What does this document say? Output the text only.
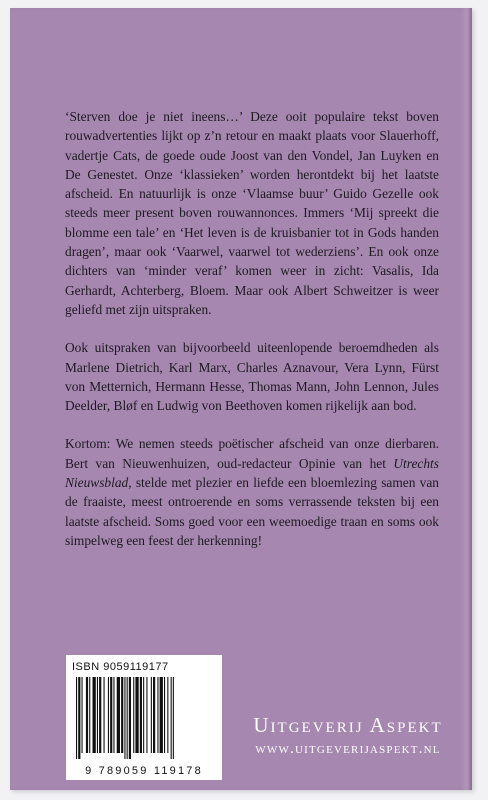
‘Sterven doe je niet ineens…’ Deze ooit populaire tekst boven rouwadvertenties lijkt op z’n retour en maakt plaats voor Slauerhoff, vadertje Cats, de goede oude Joost van den Vondel, Jan Luyken en De Genestet. Onze ‘klassieken’ worden herontdekt bij het laatste afscheid. En natuurlijk is onze ‘Vlaamse buur’ Guido Gezelle ook steeds meer present boven rouwannonces. Immers ‘Mij spreekt die blomme een tale’ en ‘Het leven is de kruisbanier tot in Gods handen dragen’, maar ook ‘Vaarwel, vaarwel tot wederziens’. En ook onze dichters van ‘minder veraf’ komen weer in zicht: Vasalis, Ida Gerhardt, Achterberg, Bloem. Maar ook Albert Schweitzer is weer geliefd met zijn uitspraken.

Ook uitspraken van bijvoorbeeld uiteenlopende beroemdheden als Marlene Dietrich, Karl Marx, Charles Aznavour, Vera Lynn, Fürst von Metternich, Hermann Hesse, Thomas Mann, John Lennon, Jules Deelder, Bløf en Ludwig von Beethoven komen rijkelijk aan bod.

Kortom: We nemen steeds poëtischer afscheid van onze dierbaren. Bert van Nieuwenhuizen, oud-redacteur Opinie van het Utrechts Nieuwsblad, stelde met plezier en liefde een bloemlezing samen van de fraaiste, meest ontroerende en soms verrassende teksten bij een laatste afscheid. Soms goed voor een weemoedige traan en soms ook simpelweg een feest der herkenning!

ISBN 9059119177
9 789059 119178
Uitgeverij Aspekt
www.uitgeverijaspekt.nl
